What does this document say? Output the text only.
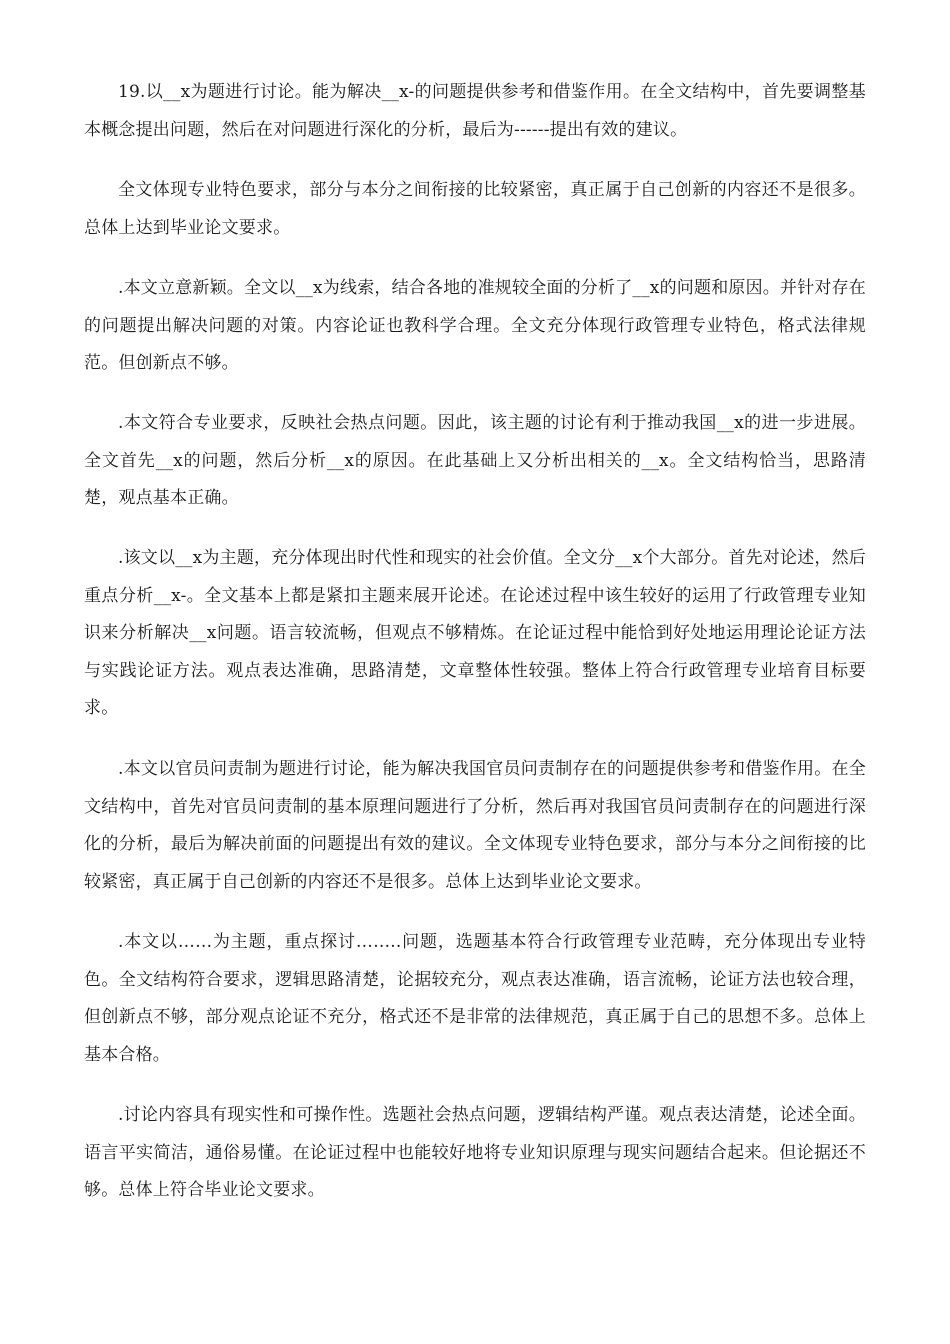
19.以__x为题进行讨论。能为解决__x-的问题提供参考和借鉴作用。在全文结构中，首先要调整基本概念提出问题，然后在对问题进行深化的分析，最后为------提出有效的建议。

全文体现专业特色要求，部分与本分之间衔接的比较紧密，真正属于自己创新的内容还不是很多。总体上达到毕业论文要求。

.本文立意新颖。全文以__x为线索，结合各地的准规较全面的分析了__x的问题和原因。并针对存在的问题提出解决问题的对策。内容论证也教科学合理。全文充分体现行政管理专业特色，格式法律规范。但创新点不够。

.本文符合专业要求，反映社会热点问题。因此，该主题的讨论有利于推动我国__x的进一步进展。全文首先__x的问题，然后分析__x的原因。在此基础上又分析出相关的__x。全文结构恰当，思路清楚，观点基本正确。

.该文以__x为主题，充分体现出时代性和现实的社会价值。全文分__x个大部分。首先对论述，然后重点分析__x-。全文基本上都是紧扣主题来展开论述。在论述过程中该生较好的运用了行政管理专业知识来分析解决__x问题。语言较流畅，但观点不够精炼。在论证过程中能恰到好处地运用理论论证方法与实践论证方法。观点表达准确，思路清楚，文章整体性较强。整体上符合行政管理专业培育目标要求。

.本文以官员问责制为题进行讨论，能为解决我国官员问责制存在的问题提供参考和借鉴作用。在全文结构中，首先对官员问责制的基本原理问题进行了分析，然后再对我国官员问责制存在的问题进行深化的分析，最后为解决前面的问题提出有效的建议。全文体现专业特色要求，部分与本分之间衔接的比较紧密，真正属于自己创新的内容还不是很多。总体上达到毕业论文要求。

.本文以……为主题，重点探讨……..问题，选题基本符合行政管理专业范畴，充分体现出专业特色。全文结构符合要求，逻辑思路清楚，论据较充分，观点表达准确，语言流畅，论证方法也较合理，但创新点不够，部分观点论证不充分，格式还不是非常的法律规范，真正属于自己的思想不多。总体上基本合格。

.讨论内容具有现实性和可操作性。选题社会热点问题，逻辑结构严谨。观点表达清楚，论述全面。语言平实简洁，通俗易懂。在论证过程中也能较好地将专业知识原理与现实问题结合起来。但论据还不够。总体上符合毕业论文要求。
